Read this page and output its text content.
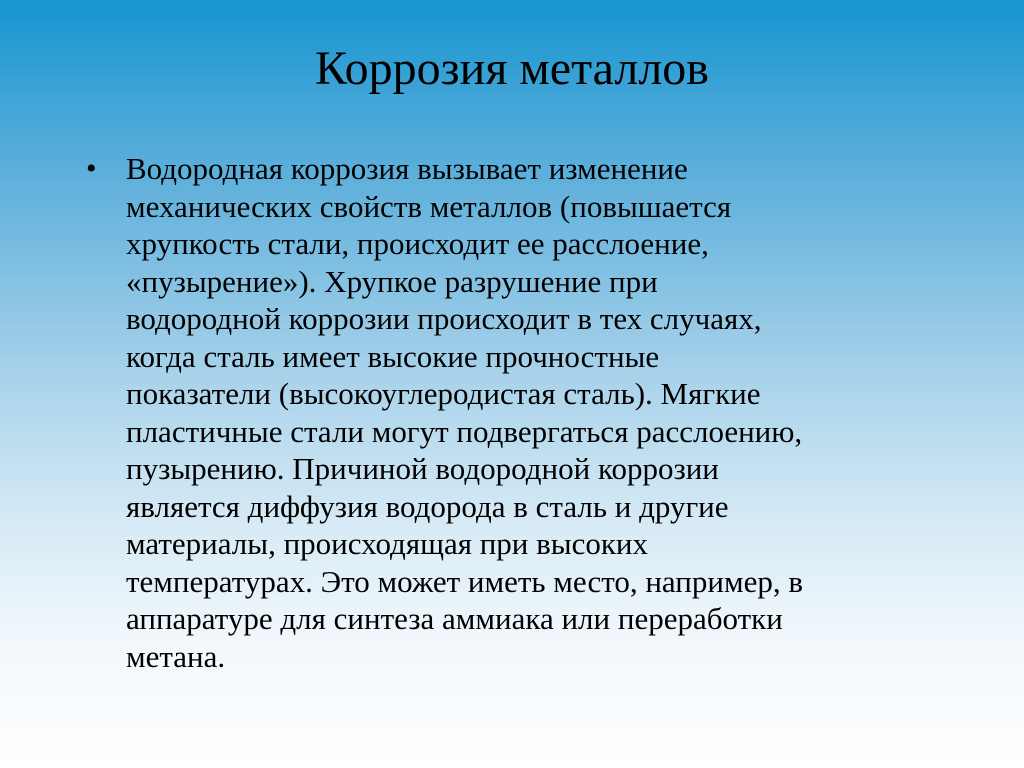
Коррозия металлов
• Водородная коррозия вызывает изменение
механических свойств металлов (повышается
хрупкость стали, происходит ее расслоение,
«пузырение»). Хрупкое разрушение при
водородной коррозии происходит в тех случаях,
когда сталь имеет высокие прочностные
показатели (высокоуглеродистая сталь). Мягкие
пластичные стали могут подвергаться расслоению,
пузырению. Причиной водородной коррозии
является диффузия водорода в сталь и другие
материалы, происходящая при высоких
температурах. Это может иметь место, например, в
аппаратуре для синтеза аммиака или переработки
метана.
